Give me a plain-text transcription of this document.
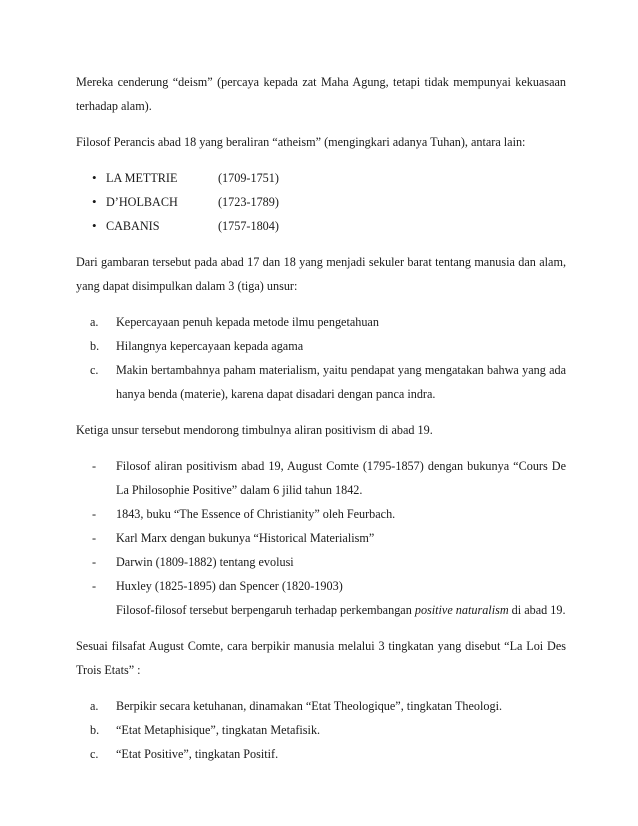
Mereka cenderung “deism” (percaya kepada zat Maha Agung, tetapi tidak mempunyai kekuasaan terhadap alam).

Filosof Perancis abad 18 yang beraliran “atheism” (mengingkari adanya Tuhan), antara lain:

• LA METTRIE	(1709-1751)
• D’HOLBACH	(1723-1789)
• CABANIS	(1757-1804)

Dari gambaran tersebut pada abad 17 dan 18 yang menjadi sekuler barat tentang manusia dan alam, yang dapat disimpulkan dalam 3 (tiga) unsur:

a. Kepercayaan penuh kepada metode ilmu pengetahuan
b. Hilangnya kepercayaan kepada agama
c. Makin bertambahnya paham materialism, yaitu pendapat yang mengatakan bahwa yang ada hanya benda (materie), karena dapat disadari dengan panca indra.

Ketiga unsur tersebut mendorong timbulnya aliran positivism di abad 19.

- Filosof aliran positivism abad 19, August Comte (1795-1857) dengan bukunya “Cours De La Philosophie Positive” dalam 6 jilid tahun 1842.
- 1843, buku “The Essence of Christianity” oleh Feurbach.
- Karl Marx dengan bukunya “Historical Materialism”
- Darwin (1809-1882) tentang evolusi
- Huxley (1825-1895) dan Spencer (1820-1903)
Filosof-filosof tersebut berpengaruh terhadap perkembangan positive naturalism di abad 19.

Sesuai filsafat August Comte, cara berpikir manusia melalui 3 tingkatan yang disebut “La Loi Des Trois Etats” :

a. Berpikir secara ketuhanan, dinamakan “Etat Theologique”, tingkatan Theologi.
b. “Etat Metaphisique”, tingkatan Metafisik.
c. “Etat Positive”, tingkatan Positif.
